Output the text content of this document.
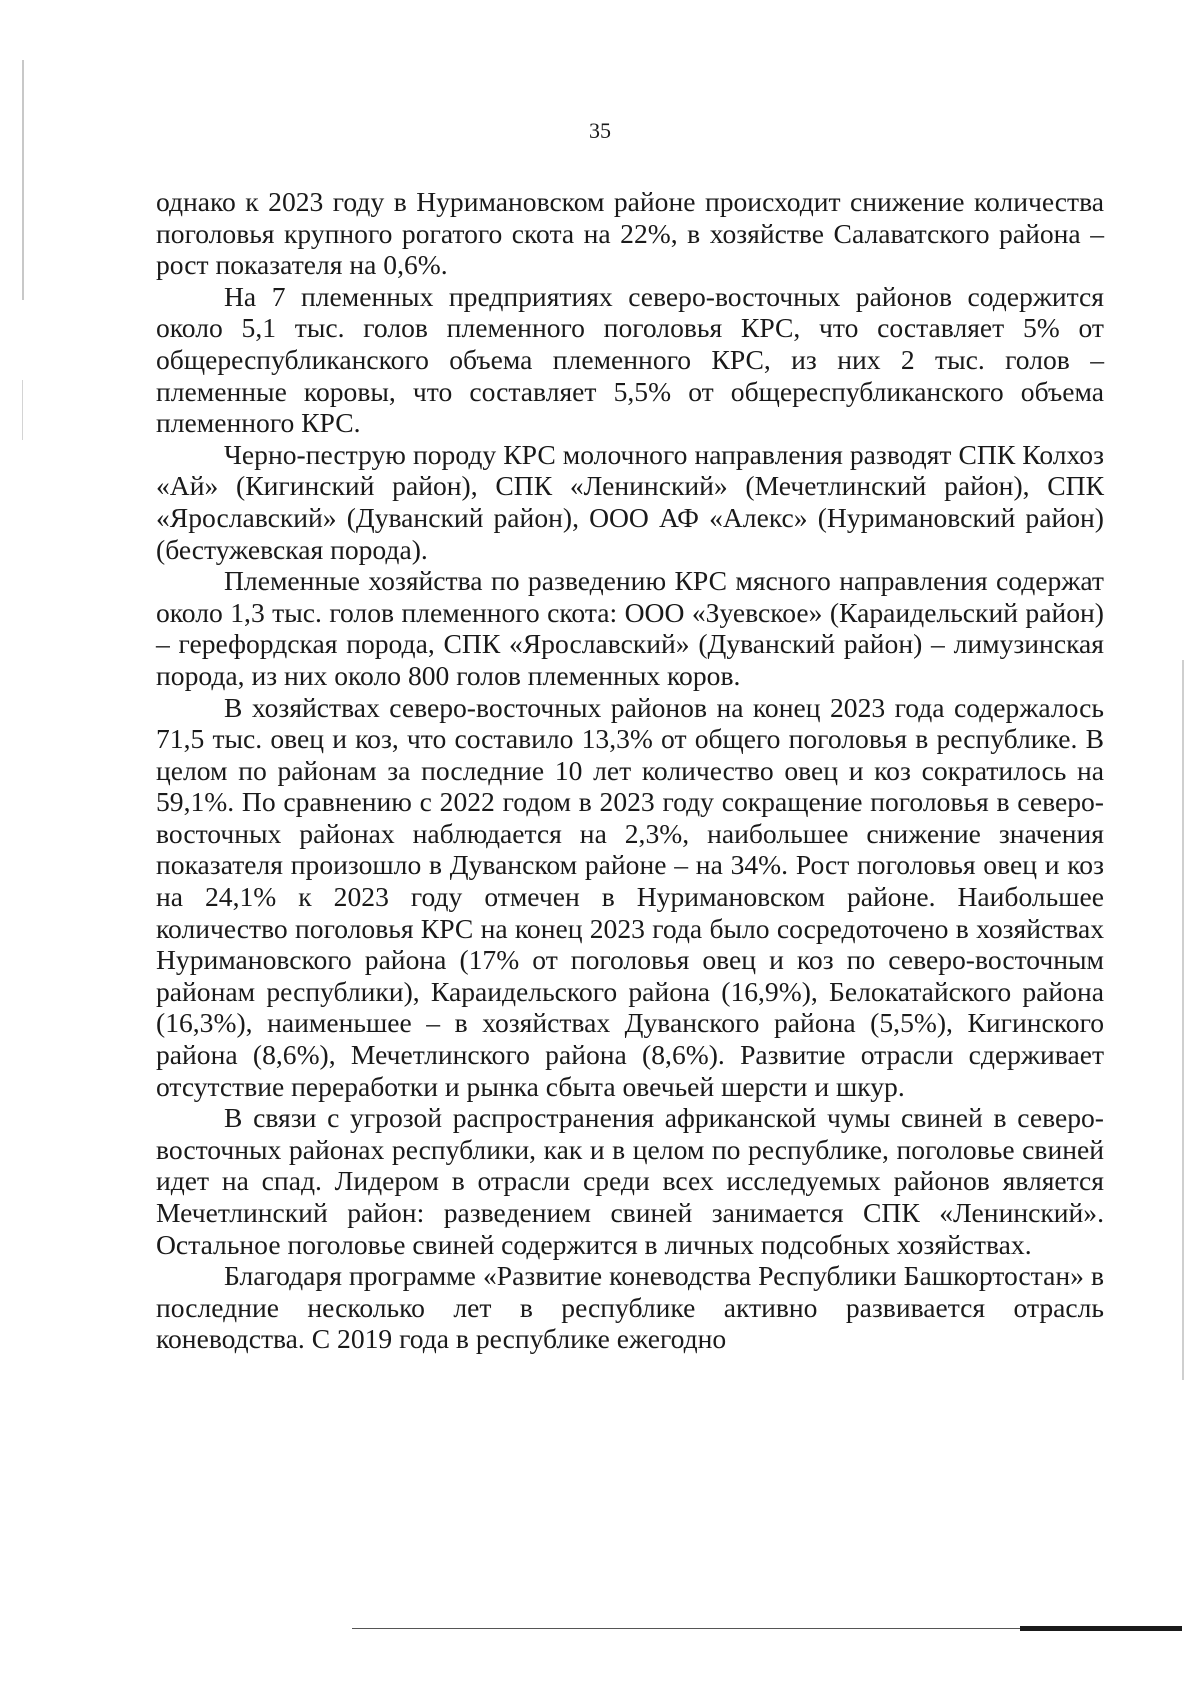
35

однако к 2023 году в Нуримановском районе происходит снижение количества поголовья крупного рогатого скота на 22%, в хозяйстве Салаватского района – рост показателя на 0,6%.

На 7 племенных предприятиях северо-восточных районов содержится около 5,1 тыс. голов племенного поголовья КРС, что составляет 5% от общереспубликанского объема племенного КРС, из них 2 тыс. голов – племенные коровы, что составляет 5,5% от общереспубликанского объема племенного КРС.

Черно-пеструю породу КРС молочного направления разводят СПК Колхоз «Ай» (Кигинский район), СПК «Ленинский» (Мечетлинский район), СПК «Ярославский» (Дуванский район), ООО АФ «Алекс» (Нуримановский район) (бестужевская порода).

Племенные хозяйства по разведению КРС мясного направления содержат около 1,3 тыс. голов племенного скота: ООО «Зуевское» (Караидельский район) – герефордская порода, СПК «Ярославский» (Дуванский район) – лимузинская порода, из них около 800 голов племенных коров.

В хозяйствах северо-восточных районов на конец 2023 года содержалось 71,5 тыс. овец и коз, что составило 13,3% от общего поголовья в республике. В целом по районам за последние 10 лет количество овец и коз сократилось на 59,1%. По сравнению с 2022 годом в 2023 году сокращение поголовья в северо-восточных районах наблюдается на 2,3%, наибольшее снижение значения показателя произошло в Дуванском районе – на 34%. Рост поголовья овец и коз на 24,1% к 2023 году отмечен в Нуримановском районе. Наибольшее количество поголовья КРС на конец 2023 года было сосредоточено в хозяйствах Нуримановского района (17% от поголовья овец и коз по северо-восточным районам республики), Караидельского района (16,9%), Белокатайского района (16,3%), наименьшее – в хозяйствах Дуванского района (5,5%), Кигинского района (8,6%), Мечетлинского района (8,6%). Развитие отрасли сдерживает отсутствие переработки и рынка сбыта овечьей шерсти и шкур.

В связи с угрозой распространения африканской чумы свиней в северо-восточных районах республики, как и в целом по республике, поголовье свиней идет на спад. Лидером в отрасли среди всех исследуемых районов является Мечетлинский район: разведением свиней занимается СПК «Ленинский». Остальное поголовье свиней содержится в личных подсобных хозяйствах.

Благодаря программе «Развитие коневодства Республики Башкортостан» в последние несколько лет в республике активно развивается отрасль коневодства. С 2019 года в республике ежегодно
